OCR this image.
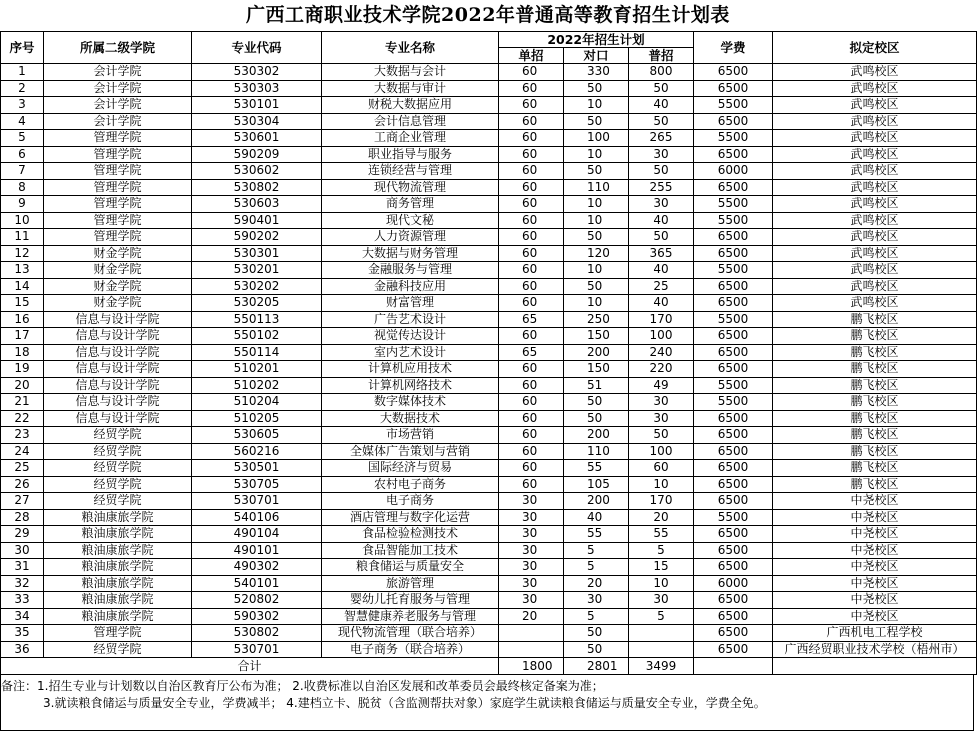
广西工商职业技术学院2022年普通高等教育招生计划表
序号	所属二级学院	专业代码	专业名称	2022年招生计划			学费	拟定校区
				单招	对口	普招		
1	会计学院	530302	大数据与会计	60	330	800	6500	武鸣校区
2	会计学院	530303	大数据与审计	60	50	50	6500	武鸣校区
3	会计学院	530101	财税大数据应用	60	10	40	5500	武鸣校区
4	会计学院	530304	会计信息管理	60	50	50	6500	武鸣校区
5	管理学院	530601	工商企业管理	60	100	265	5500	武鸣校区
6	管理学院	590209	职业指导与服务	60	10	30	6500	武鸣校区
7	管理学院	530602	连锁经营与管理	60	50	50	6000	武鸣校区
8	管理学院	530802	现代物流管理	60	110	255	6500	武鸣校区
9	管理学院	530603	商务管理	60	10	30	5500	武鸣校区
10	管理学院	590401	现代文秘	60	10	40	5500	武鸣校区
11	管理学院	590202	人力资源管理	60	50	50	6500	武鸣校区
12	财金学院	530301	大数据与财务管理	60	120	365	6500	武鸣校区
13	财金学院	530201	金融服务与管理	60	10	40	5500	武鸣校区
14	财金学院	530202	金融科技应用	60	50	25	6500	武鸣校区
15	财金学院	530205	财富管理	60	10	40	6500	武鸣校区
16	信息与设计学院	550113	广告艺术设计	65	250	170	5500	鹏飞校区
17	信息与设计学院	550102	视觉传达设计	60	150	100	6500	鹏飞校区
18	信息与设计学院	550114	室内艺术设计	65	200	240	6500	鹏飞校区
19	信息与设计学院	510201	计算机应用技术	60	150	220	6500	鹏飞校区
20	信息与设计学院	510202	计算机网络技术	60	51	49	5500	鹏飞校区
21	信息与设计学院	510204	数字媒体技术	60	50	30	5500	鹏飞校区
22	信息与设计学院	510205	大数据技术	60	50	30	6500	鹏飞校区
23	经贸学院	530605	市场营销	60	200	50	6500	鹏飞校区
24	经贸学院	560216	全媒体广告策划与营销	60	110	100	6500	鹏飞校区
25	经贸学院	530501	国际经济与贸易	60	55	60	6500	鹏飞校区
26	经贸学院	530705	农村电子商务	60	105	10	6500	鹏飞校区
27	经贸学院	530701	电子商务	30	200	170	6500	中尧校区
28	粮油康旅学院	540106	酒店管理与数字化运营	30	40	20	5500	中尧校区
29	粮油康旅学院	490104	食品检验检测技术	30	55	55	6500	中尧校区
30	粮油康旅学院	490101	食品智能加工技术	30	5	5	6500	中尧校区
31	粮油康旅学院	490302	粮食储运与质量安全	30	5	15	6500	中尧校区
32	粮油康旅学院	540101	旅游管理	30	20	10	6000	中尧校区
33	粮油康旅学院	520802	婴幼儿托育服务与管理	30	30	30	6500	中尧校区
34	粮油康旅学院	590302	智慧健康养老服务与管理	20	5	5	6500	中尧校区
35	管理学院	530802	现代物流管理（联合培养）		50		6500	广西机电工程学校
36	经贸学院	530701	电子商务（联合培养）		50		6500	广西经贸职业技术学校（梧州市）
合计				1800	2801	3499		
备注：1.招生专业与计划数以自治区教育厅公布为准； 2.收费标准以自治区发展和改革委员会最终核定备案为准；
3.就读粮食储运与质量安全专业，学费减半； 4.建档立卡、脱贫（含监测帮扶对象）家庭学生就读粮食储运与质量安全专业，学费全免。
